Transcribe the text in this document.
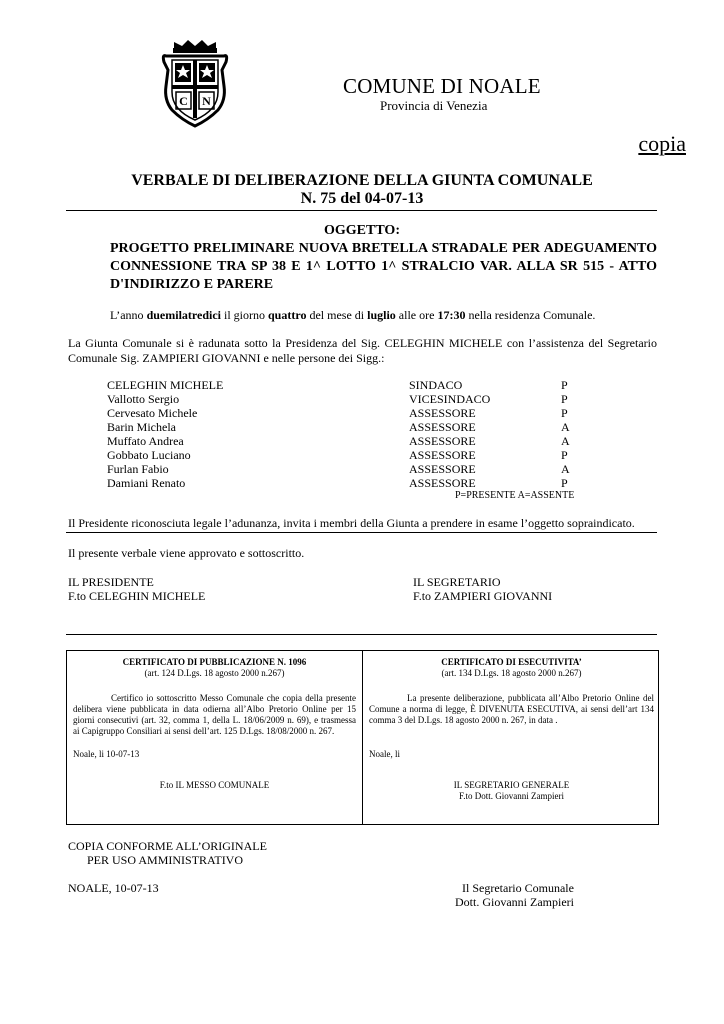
C N
COMUNE DI NOALE
Provincia di Venezia
copia
VERBALE DI DELIBERAZIONE DELLA GIUNTA COMUNALE
N. 75 del 04-07-13
OGGETTO:
PROGETTO PRELIMINARE NUOVA BRETELLA STRADALE PER ADEGUAMENTO CONNESSIONE TRA SP 38 E 1^ LOTTO 1^ STRALCIO VAR. ALLA SR 515 - ATTO D'INDIRIZZO E PARERE
L’anno duemilatredici il giorno quattro del mese di luglio alle ore 17:30 nella residenza Comunale.
La Giunta Comunale si è radunata sotto la Presidenza del Sig. CELEGHIN MICHELE con l’assistenza del Segretario Comunale Sig. ZAMPIERI GIOVANNI e nelle persone dei Sigg.:
CELEGHIN MICHELE	SINDACO	P
Vallotto Sergio	VICESINDACO	P
Cervesato Michele	ASSESSORE	P
Barin Michela	ASSESSORE	A
Muffato Andrea	ASSESSORE	A
Gobbato Luciano	ASSESSORE	P
Furlan Fabio	ASSESSORE	A
Damiani Renato	ASSESSORE	P
P=PRESENTE A=ASSENTE
Il Presidente riconosciuta legale l’adunanza, invita i membri della Giunta a prendere in esame l’oggetto sopraindicato.
Il presente verbale viene approvato e sottoscritto.
IL PRESIDENTE
F.to CELEGHIN MICHELE
IL SEGRETARIO
F.to ZAMPIERI GIOVANNI
CERTIFICATO DI PUBBLICAZIONE N. 1096
(art. 124 D.Lgs. 18 agosto 2000 n.267)
Certifico io sottoscritto Messo Comunale che copia della presente delibera viene pubblicata in data odierna all’Albo Pretorio Online per 15 giorni consecutivi (art. 32, comma 1, della L. 18/06/2009 n. 69), e trasmessa ai Capigruppo Consiliari ai sensi dell’art. 125 D.Lgs. 18/08/2000 n. 267.
Noale, li 10-07-13
F.to IL MESSO COMUNALE
CERTIFICATO DI ESECUTIVITA’
(art. 134 D.Lgs. 18 agosto 2000 n.267)
La presente deliberazione, pubblicata all’Albo Pretorio Online del Comune a norma di legge, È DIVENUTA ESECUTIVA, ai sensi dell’art 134 comma 3 del D.Lgs. 18 agosto 2000 n. 267, in data .
Noale, li
IL SEGRETARIO GENERALE
F.to Dott. Giovanni Zampieri
COPIA CONFORME ALL’ORIGINALE
PER USO AMMINISTRATIVO
NOALE, 10-07-13	Il Segretario Comunale
Dott. Giovanni Zampieri
